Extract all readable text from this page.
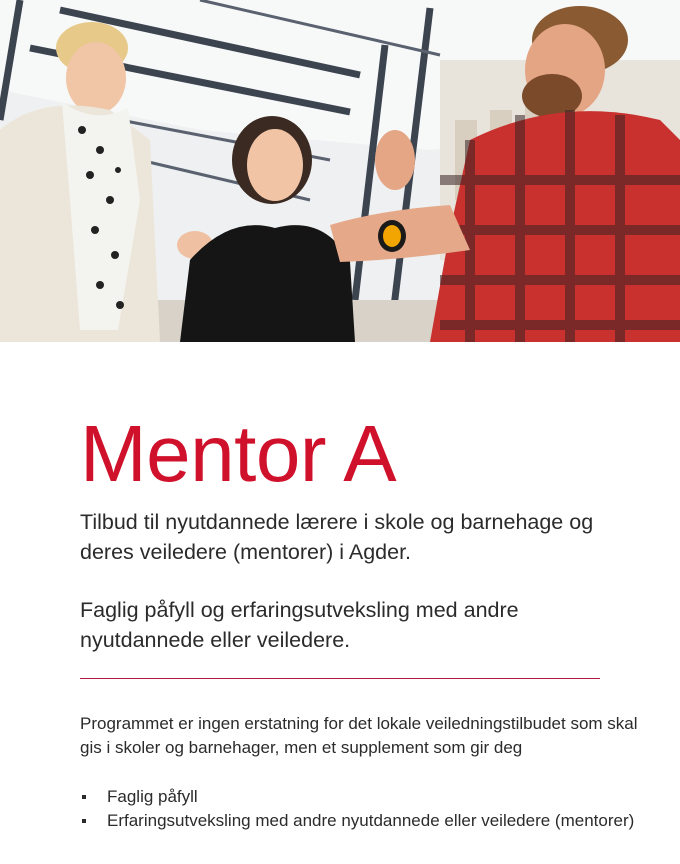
Mentor A

Tilbud til nyutdannede lærere i skole og barnehage og deres veiledere (mentorer) i Agder.

Faglig påfyll og erfaringsutveksling med andre nyutdannede eller veiledere.

Programmet er ingen erstatning for det lokale veiledningstilbudet som skal gis i skoler og barnehager, men et supplement som gir deg

Faglig påfyll
Erfaringsutveksling med andre nyutdannede eller veiledere (mentorer)
